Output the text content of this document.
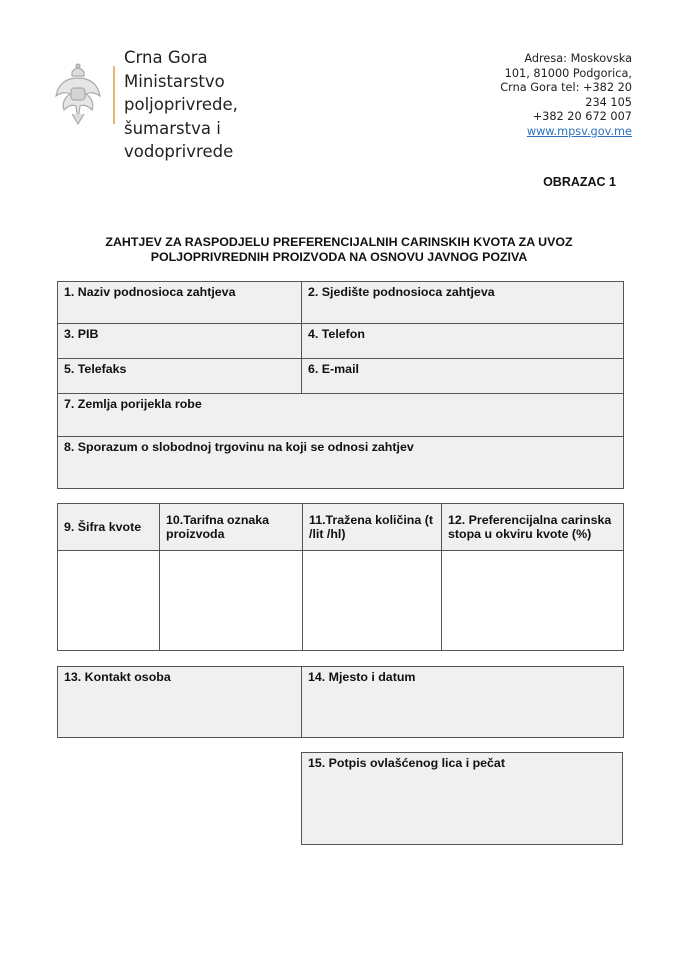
Crna Gora
Ministarstvo
poljoprivrede,
šumarstva i
vodoprivrede
Adresa: Moskovska
101, 81000 Podgorica,
Crna Gora tel: +382 20
234 105
+382 20 672 007
www.mpsv.gov.me
OBRAZAC 1
ZAHTJEV ZA RASPODJELU PREFERENCIJALNIH CARINSKIH KVOTA ZA UVOZ
POLJOPRIVREDNIH PROIZVODA NA OSNOVU JAVNOG POZIVA
1. Naziv podnosioca zahtjeva	2. Sjedište podnosioca zahtjeva
3. PIB	4. Telefon
5. Telefaks	6. E-mail
7. Zemlja porijekla robe	
8. Sporazum o slobodnoj trgovinu na koji se odnosi zahtjev	
9. Šifra kvote	10.Tarifna oznaka proizvoda	11.Tražena količina (t /lit /hl)	12. Preferencijalna carinska stopa u okviru kvote (%)

13. Kontakt osoba	14. Mjesto i datum
15. Potpis ovlašćenog lica i pečat
